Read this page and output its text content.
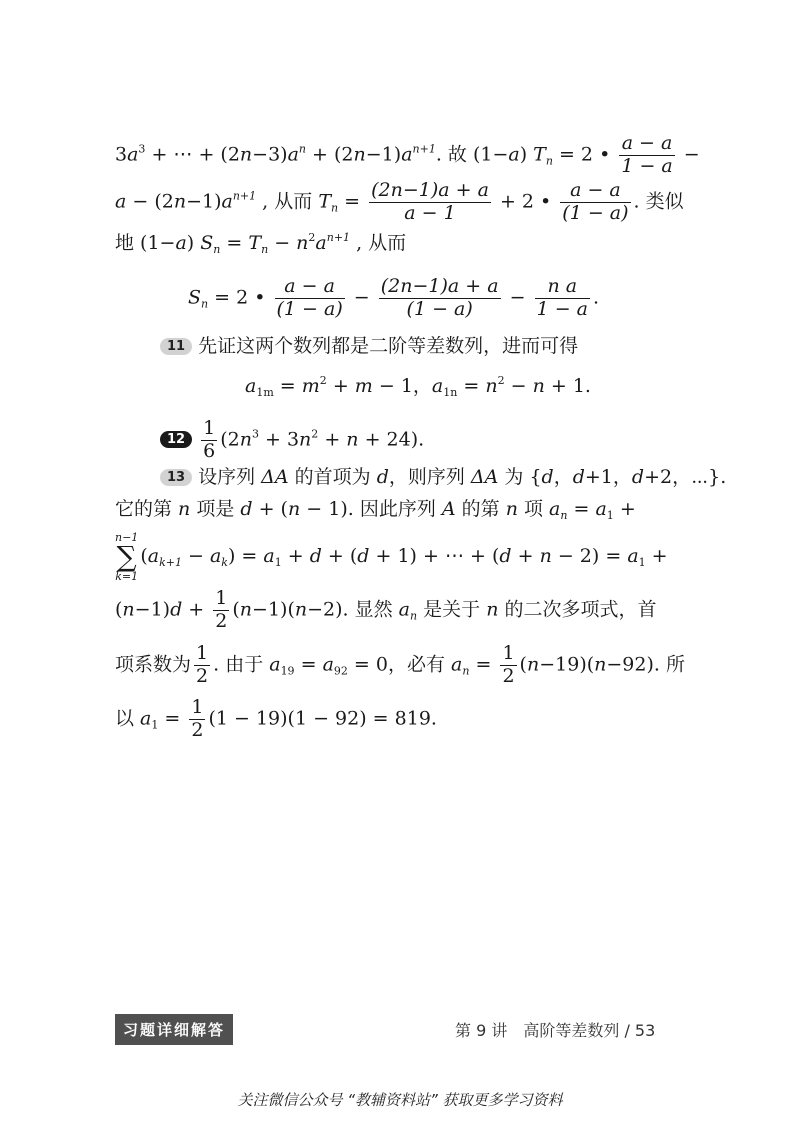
$3a^3$ + ⋯ + $(2n-3)a^n + (2n-1)a^{n+1}$. 故 (1−a) $T_n = 2$ • $\frac{a - a}{1 - a}$ −
$a - (2n-1)a^{n+1}$ , 从而 $T_n = \frac{(2n-1)a + a}{a - 1} + 2$ • $\frac{a - a}{(1 - a)}$ . 类似
地 (1−a) $S_n = T_n - n^2a^{n+1}$ , 从而
$S_n = 2$ • $\frac{a - a}{(1 - a)} - \frac{(2n-1)a + a}{(1 - a)} - \frac{\text{n a}}{1 - a}$ .
11 先证这两个数列都是二阶等差数列，进而可得
$a_{1m} = m^2 + m - 1$，$a_{1n} = n^2 - n + 1$.
$12 \frac{1}{6} (2n^3 + 3n^2 + n + 24)$.
13 设序列 ΔA 的首项为 d，则序列 ΔA 为 {d，d+1，d+2，⋯}.
它的第 n 项是 d + (n − 1). 因此序列 A 的第 n 项 $a_n = a_1$ +
n−1
∑
$k=1(a_{k+1} - a_k) = a_1 + d + (d + 1)$ + ⋯ + $(d + n - 2) = a_1$ +
$(n-1)d + \frac{1}{2} (n-1)(n-2)$. 显然 $a_n$ 是关于 n 的二次多项式，首
项系数为 $\frac{1}{2}$ . 由于 $a_{19} = a_{92} = 0$，必有 $a_n = \frac{1}{2} (n-19)(n-92)$. 所
以 $a_1 = \frac{1}{2} (1 - 19)(1 - 92) = 819$.
习题详细解答	第 9 讲　高阶等差数列 / 53
关注微信公众号 “教辅资料站” 获取更多学习资料
